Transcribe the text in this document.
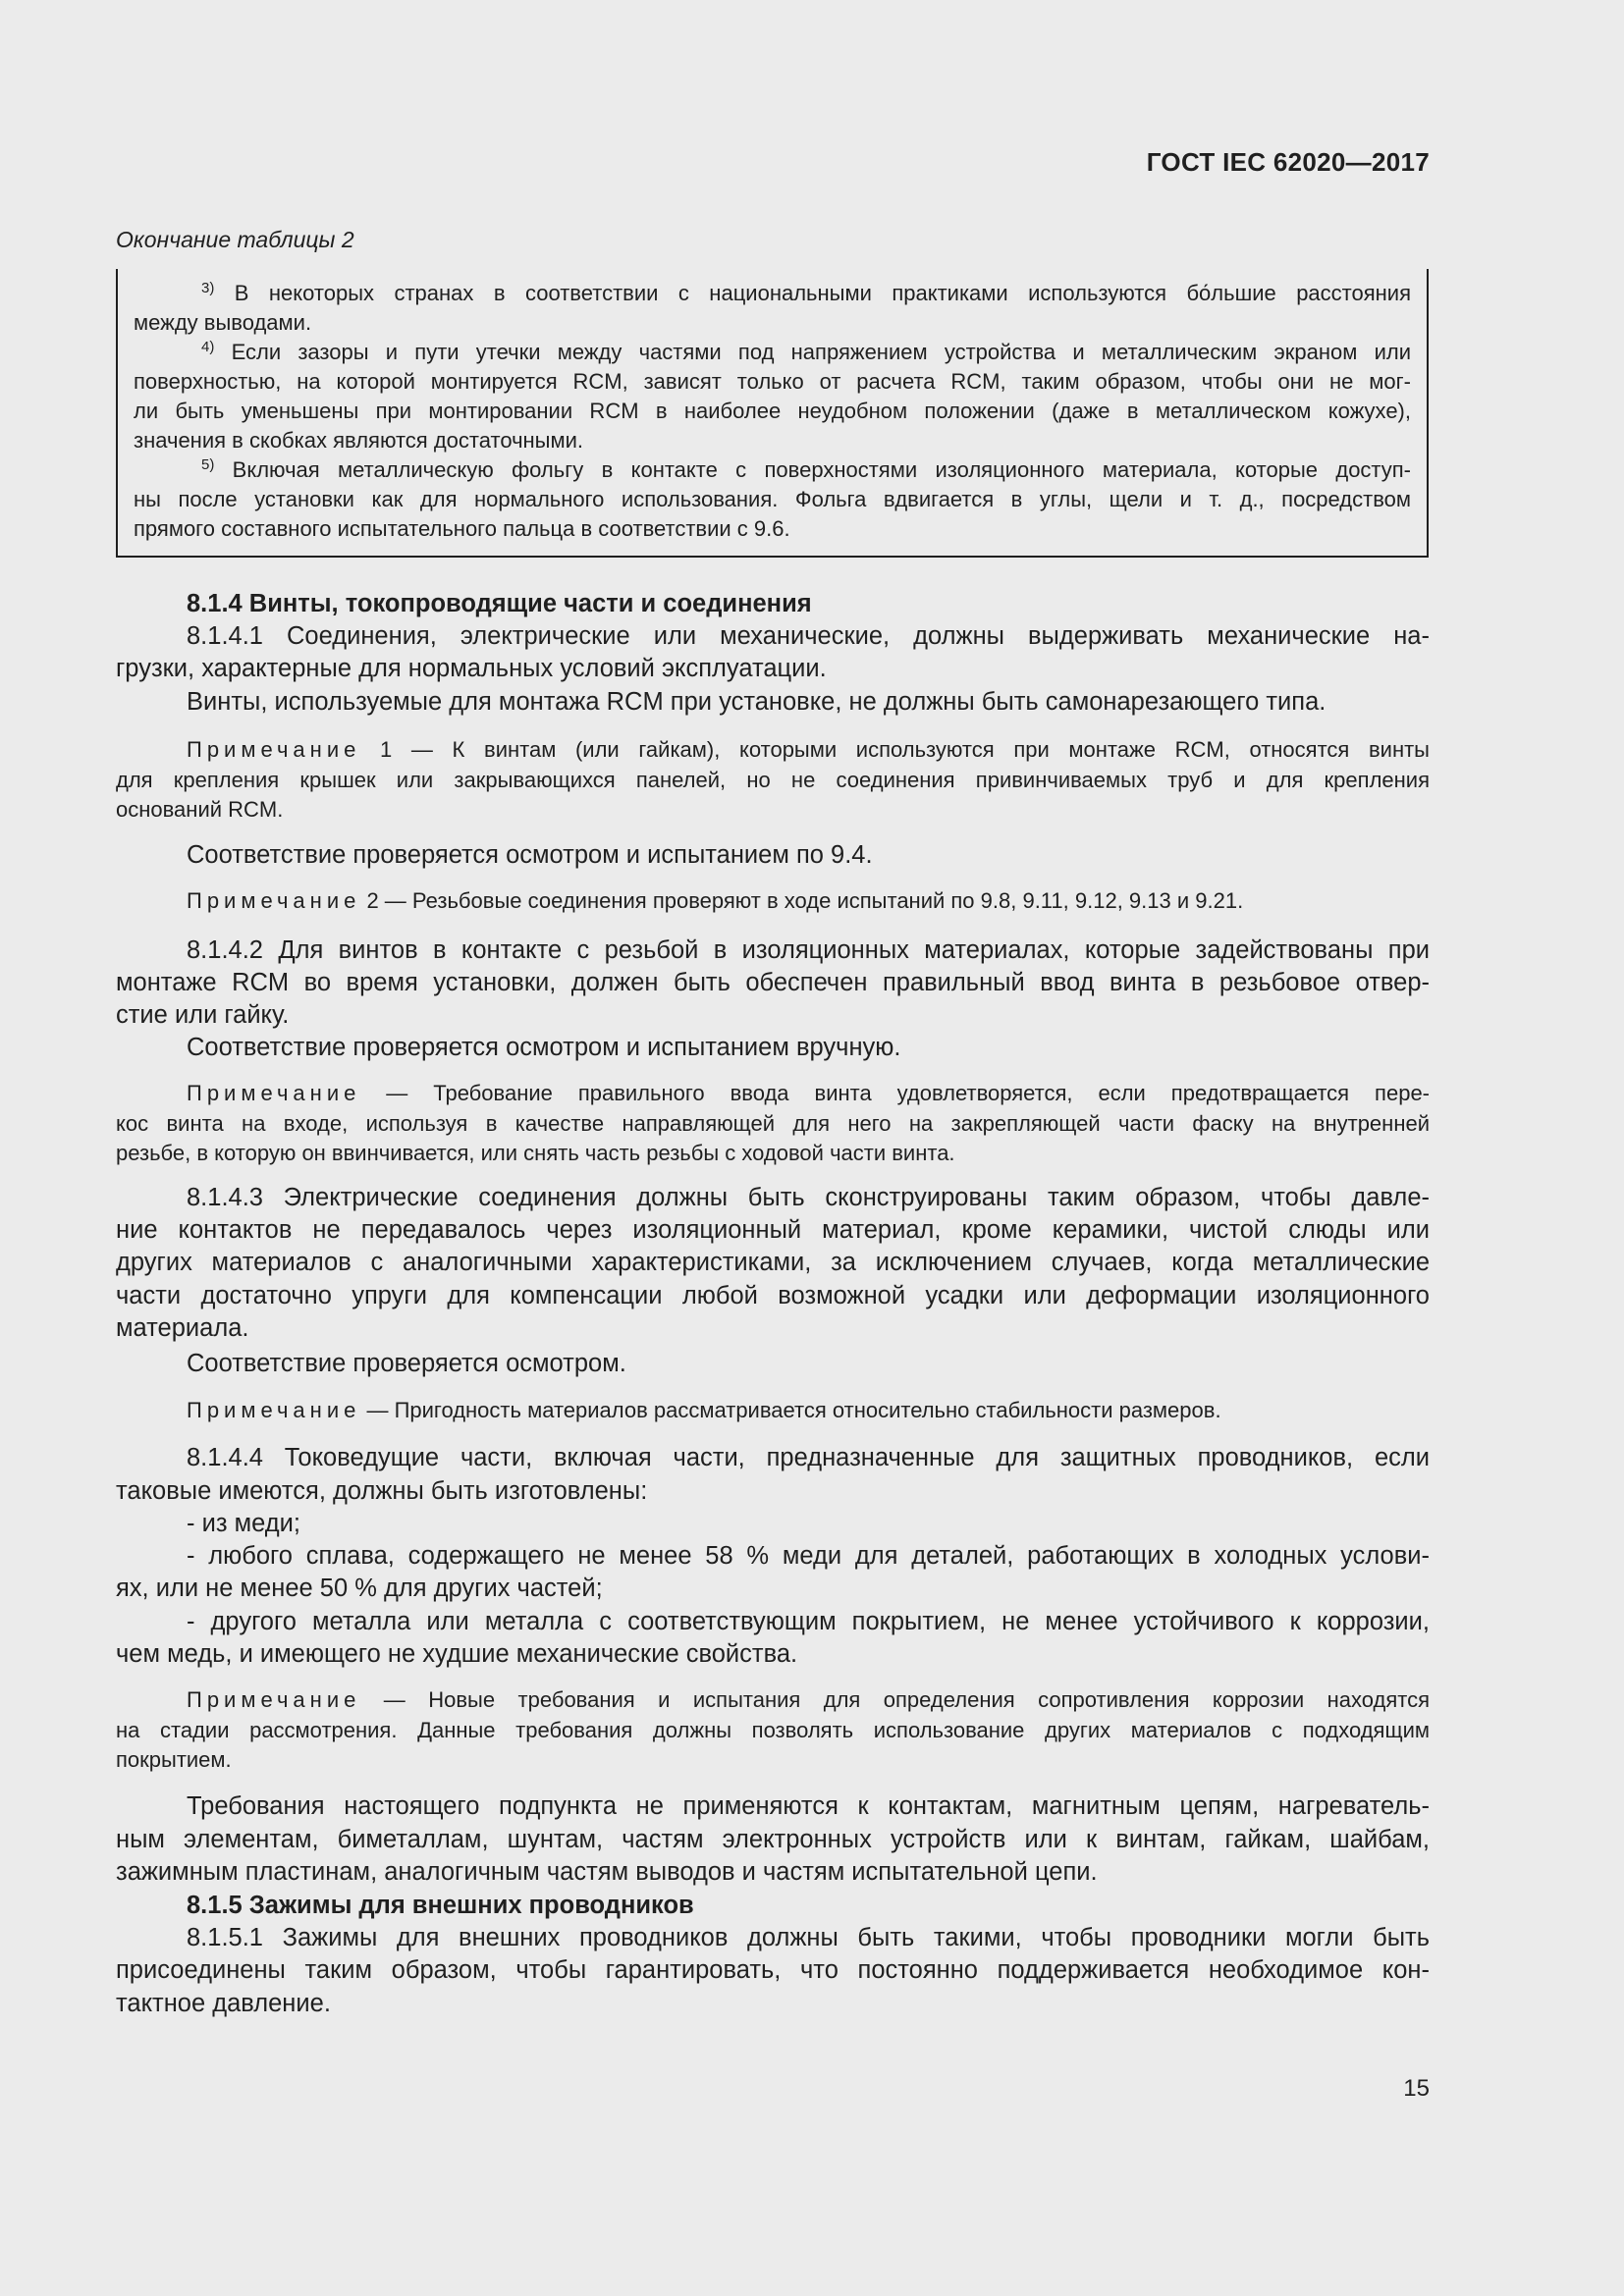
ГОСТ IEC 62020—2017
Окончание таблицы 2
$^{3)}$ В некоторых странах в соответствии с национальными практиками используются бо́льшие расстояния
между выводами.
$^{4)}$ Если зазоры и пути утечки между частями под напряжением устройства и металлическим экраном или
поверхностью, на которой монтируется RCM, зависят только от расчета RCM, таким образом, чтобы они не мог-
ли быть уменьшены при монтировании RCM в наиболее неудобном положении (даже в металлическом кожухе),
значения в скобках являются достаточными.
$^{5)}$ Включая металлическую фольгу в контакте с поверхностями изоляционного материала, которые доступ-
ны после установки как для нормального использования. Фольга вдвигается в углы, щели и т. д., посредством
прямого составного испытательного пальца в соответствии с 9.6.
8.1.4 Винты, токопроводящие части и соединения
8.1.4.1 Соединения, электрические или механические, должны выдерживать механические на-
грузки, характерные для нормальных условий эксплуатации.
Винты, используемые для монтажа RCM при установке, не должны быть самонарезающего типа.
Примечание 1 — К винтам (или гайкам), которыми используются при монтаже RCM, относятся винты
для крепления крышек или закрывающихся панелей, но не соединения привинчиваемых труб и для крепления
оснований RCM.
Соответствие проверяется осмотром и испытанием по 9.4.
Примечание 2 — Резьбовые соединения проверяют в ходе испытаний по 9.8, 9.11, 9.12, 9.13 и 9.21.
8.1.4.2 Для винтов в контакте с резьбой в изоляционных материалах, которые задействованы при
монтаже RCM во время установки, должен быть обеспечен правильный ввод винта в резьбовое отвер-
стие или гайку.
Соответствие проверяется осмотром и испытанием вручную.
Примечание — Требование правильного ввода винта удовлетворяется, если предотвращается пере-
кос винта на входе, используя в качестве направляющей для него на закрепляющей части фаску на внутренней
резьбе, в которую он ввинчивается, или снять часть резьбы с ходовой части винта.
8.1.4.3 Электрические соединения должны быть сконструированы таким образом, чтобы давле-
ние контактов не передавалось через изоляционный материал, кроме керамики, чистой слюды или
других материалов с аналогичными характеристиками, за исключением случаев, когда металлические
части достаточно упруги для компенсации любой возможной усадки или деформации изоляционного
материала.
Соответствие проверяется осмотром.
Примечание — Пригодность материалов рассматривается относительно стабильности размеров.
8.1.4.4 Токоведущие части, включая части, предназначенные для защитных проводников, если
таковые имеются, должны быть изготовлены:
- из меди;
- любого сплава, содержащего не менее 58 % меди для деталей, работающих в холодных услови-
ях, или не менее 50 % для других частей;
- другого металла или металла с соответствующим покрытием, не менее устойчивого к коррозии,
чем медь, и имеющего не худшие механические свойства.
Примечание — Новые требования и испытания для определения сопротивления коррозии находятся
на стадии рассмотрения. Данные требования должны позволять использование других материалов с подходящим
покрытием.
Требования настоящего подпункта не применяются к контактам, магнитным цепям, нагреватель-
ным элементам, биметаллам, шунтам, частям электронных устройств или к винтам, гайкам, шайбам,
зажимным пластинам, аналогичным частям выводов и частям испытательной цепи.
8.1.5 Зажимы для внешних проводников
8.1.5.1 Зажимы для внешних проводников должны быть такими, чтобы проводники могли быть
присоединены таким образом, чтобы гарантировать, что постоянно поддерживается необходимое кон-
тактное давление.
15
